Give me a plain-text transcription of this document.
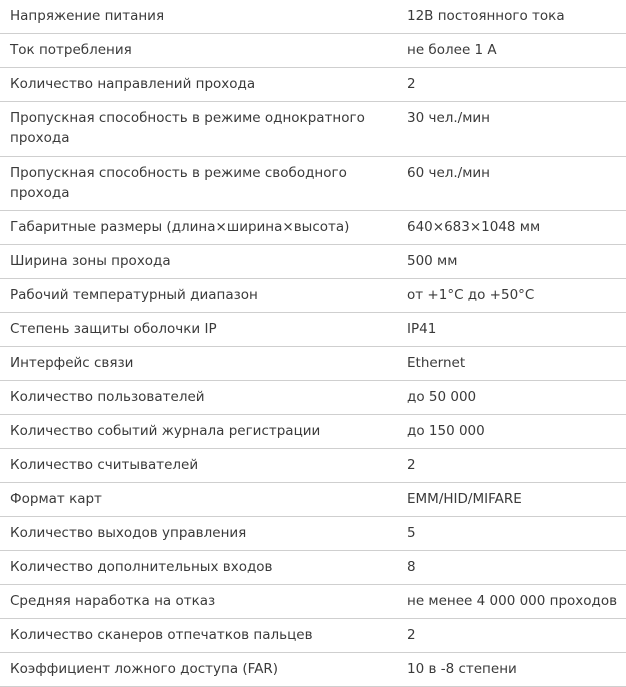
Напряжение питания	12В постоянного тока
Ток потребления	не более 1 А
Количество направлений прохода	2
Пропускная способность в режиме однократного прохода	30 чел./мин
Пропускная способность в режиме свободного прохода	60 чел./мин
Габаритные размеры (длина×ширина×высота)	640×683×1048 мм
Ширина зоны прохода	500 мм
Рабочий температурный диапазон	от +1°С до +50°С
Степень защиты оболочки IP	IP41
Интерфейс связи	Ethernet
Количество пользователей	до 50 000
Количество событий журнала регистрации	до 150 000
Количество считывателей	2
Формат карт	EMM/HID/MIFARE
Количество выходов управления	5
Количество дополнительных входов	8
Средняя наработка на отказ	не менее 4 000 000 проходов
Количество сканеров отпечатков пальцев	2
Коэффициент ложного доступа (FAR)	10 в -8 степени
